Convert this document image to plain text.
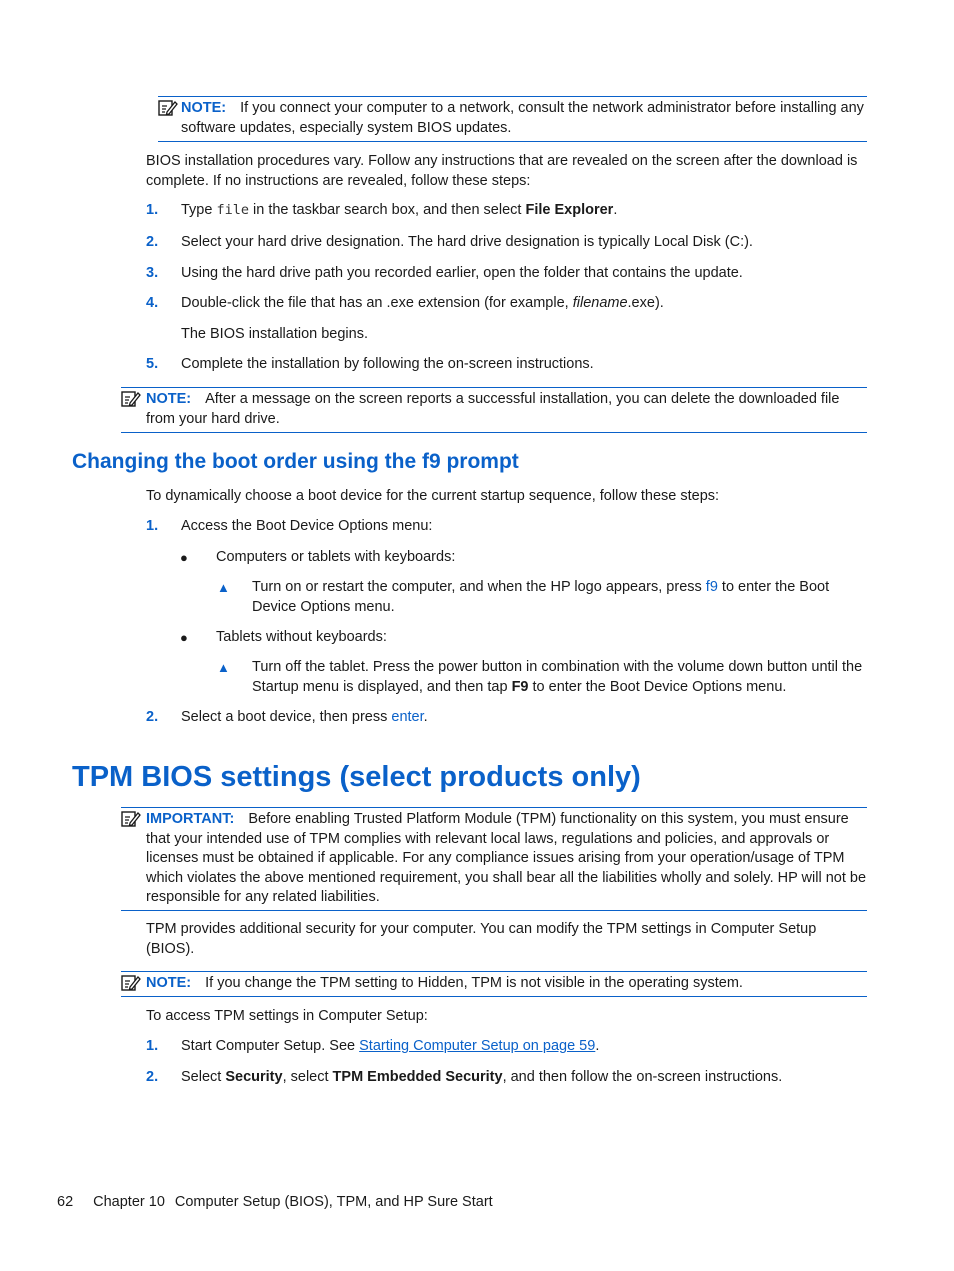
NOTE: If you connect your computer to a network, consult the network administrator before installing any software updates, especially system BIOS updates.
BIOS installation procedures vary. Follow any instructions that are revealed on the screen after the download is complete. If no instructions are revealed, follow these steps:
1. Type file in the taskbar search box, and then select File Explorer.
2. Select your hard drive designation. The hard drive designation is typically Local Disk (C:).
3. Using the hard drive path you recorded earlier, open the folder that contains the update.
4. Double-click the file that has an .exe extension (for example, filename.exe).
The BIOS installation begins.
5. Complete the installation by following the on-screen instructions.
NOTE: After a message on the screen reports a successful installation, you can delete the downloaded file from your hard drive.
Changing the boot order using the f9 prompt
To dynamically choose a boot device for the current startup sequence, follow these steps:
1. Access the Boot Device Options menu:
● Computers or tablets with keyboards:
▲ Turn on or restart the computer, and when the HP logo appears, press f9 to enter the Boot Device Options menu.
● Tablets without keyboards:
▲ Turn off the tablet. Press the power button in combination with the volume down button until the Startup menu is displayed, and then tap F9 to enter the Boot Device Options menu.
2. Select a boot device, then press enter.
TPM BIOS settings (select products only)
IMPORTANT: Before enabling Trusted Platform Module (TPM) functionality on this system, you must ensure that your intended use of TPM complies with relevant local laws, regulations and policies, and approvals or licenses must be obtained if applicable. For any compliance issues arising from your operation/usage of TPM which violates the above mentioned requirement, you shall bear all the liabilities wholly and solely. HP will not be responsible for any related liabilities.
TPM provides additional security for your computer. You can modify the TPM settings in Computer Setup (BIOS).
NOTE: If you change the TPM setting to Hidden, TPM is not visible in the operating system.
To access TPM settings in Computer Setup:
1. Start Computer Setup. See Starting Computer Setup on page 59.
2. Select Security, select TPM Embedded Security, and then follow the on-screen instructions.
62 Chapter 10 Computer Setup (BIOS), TPM, and HP Sure Start
